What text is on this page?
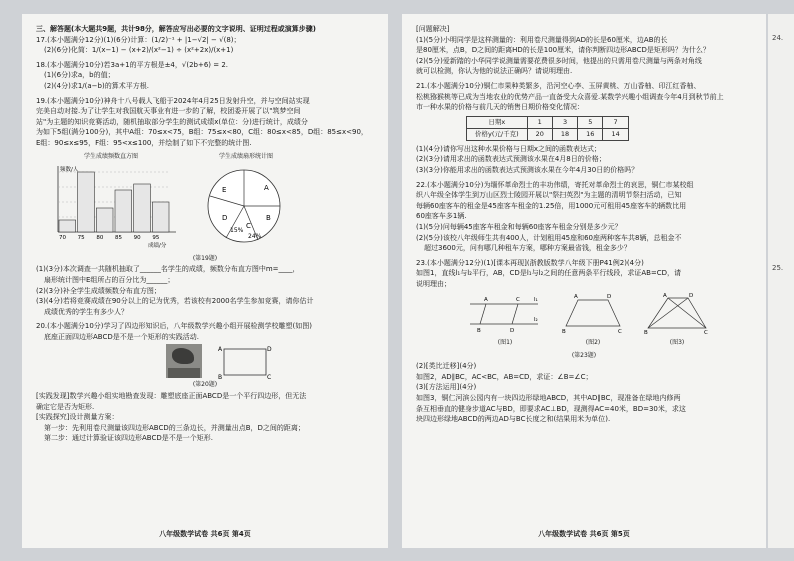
三、解答题(本大题共9题，共计98分，解答应写出必要的文字说明、证明过程或演算步骤)

17.(本小题满分12分)(1)(6分)计算：(1/2)⁻¹ + |1−√2| − √(8)；

(2)(6分)化简：1/(x−1) − (x+2)/(x²−1) ÷ (x²+2x)/(x+1)

18.(本小题满分10分)若3a+1的平方根是±4，√(2b+6) = 2.

(1)(6分)求a，b的值；

(2)(4分)求1/(a−b)的算术平方根.

19.(本小题满分10分)神舟十八号载人飞船于2024年4月25日发射升空，并与空间站实现

完美自动对接.为了让学生对我国航天事业有进一步的了解，校团委开展了以"筑梦空间

站"为主题的知识竞赛活动，随机抽取部分学生的测试成绩x(单位：分)进行统计，成绩分

为如下5组(满分100分)，其中A组：70≤x<75，B组：75≤x<80，C组：80≤x<85，D组：85≤x<90，

E组：90≤x≤95，F组：95<x≤100，并绘制了如下不完整的统计图.

学生成绩频数直方图
70 75 80 85 90 95
频数/人
成绩/分
学生成绩扇形统计图
A
B
C
D
E
15%
24%
(第19题)

(1)(3分)本次调查一共随机抽取了______名学生的成绩，频数分布直方图中m=____，

扇形统计图中E组所占的百分比为______；

(2)(3分)补全学生成绩频数分布直方图；

(3)(4分)若将竞赛成绩在90分以上的记为优秀，若该校有2000名学生参加竞赛，请你估计

成绩优秀的学生有多少人？

20.(本小题满分10分)学习了四边形知识后，八年级数学兴趣小组开展检测学校雕塑(如图)

底座正面四边形ABCD是不是一个矩形的实践活动.

A	D
B	C
(第20题)

[实践发现]数学兴趣小组实地勘查发现：雕塑底座正面ABCD是一个平行四边形，但无法

确定它是否为矩形.

[实践探究]设计测量方案：

第一步：先利用卷尺测量该四边形ABCD的三条边长，并测量出点B，D之间的距离；

第二步：通过计算验证该四边形ABCD是不是一个矩形.

八年级数学试卷 共6页 第4页

[问题解决]

(1)(5分)小明同学是这样测量的：利用卷尺测量得到AD的长是60厘米，边AB的长

是80厘米，点B，D之间的距离HD的长是100厘米，请你判断四边形ABCD是矩形吗？为什么？

(2)(5分)爱新踏的小华同学说测量需要花费很多时间，他提出的只需用卷尺测量与两条对角线

就可以检测，你认为他的说法正确吗？请说明理由.

21.(本小题满分10分)铜仁市果种类繁多，沿河空心李、玉屏黄桃、万山香柚、印江红香柚、

松桃猕猴桃等已成为当地农业的优势产品一直备受大众喜爱.某数学兴趣小组调查今年4月到秋节前上

市一种水果的价格与前几天的销售日期价格变化情况：

日期x	1	3	5	7
价格y(元/千克)	20	18	16	14

(1)(4分)请你写出这种水果价格与日期x之间的函数表达式；

(2)(3分)请用求出的函数表达式预测该水果在4月8日的价格；

(3)(3分)你能用求出的函数表达式预测该水果在今年4月30日的价格吗？

22.(本小题满分10分)为缅怀革命烈士的丰功伟绩，寄托对革命烈士的哀思，铜仁市某校组

织八年级全体学生到万山区烈士陵园开展以"祭扫英烈"为主题的清明节祭扫活动，已知

每辆60座客车的租金是45座客车租金的1.25倍，用1000元可租用45座客车的辆数比用

60座客车多1辆.

(1)(5分)问每辆45座客车租金和每辆60座客车租金分别是多少元？

(2)(5分)该校八年级师生共有400人，计划租用45座和60座两种客车共8辆，总租金不

超过3600元，问有哪几种租车方案，哪种方案最省钱，租金多少？

23.(本小题满分12分)(1)[课本再现](浙教版数学八年级下册P41例2)(4分)

如图1，直线l₁与l₂平行，AB，CD是l₁与l₂之间的任意两条平行线段，求证AB=CD，请

说明理由；

A	C
B	D
l₁
l₂
(图1)
A	D
B	C
(图2)
A	D
B	C
(图3)
(第23题)

(2)[类比迁移](4分)

如图2，AD∥BC，AC<BC，AB=CD，求证：∠B=∠C；

(3)[方法运用](4分)

如图3，铜仁河滨公园内有一块四边形绿地ABCD，其中AD∥BC，现准备在绿地内修两

条互相垂直的健身步道AC与BD，即要求AC⊥BD，现测得AC=40米，BD=30米，求这

块四边形绿地ABCD的两边AD与BC长度之和(结果用米为单位).

八年级数学试卷 共6页 第5页
24.
25.
